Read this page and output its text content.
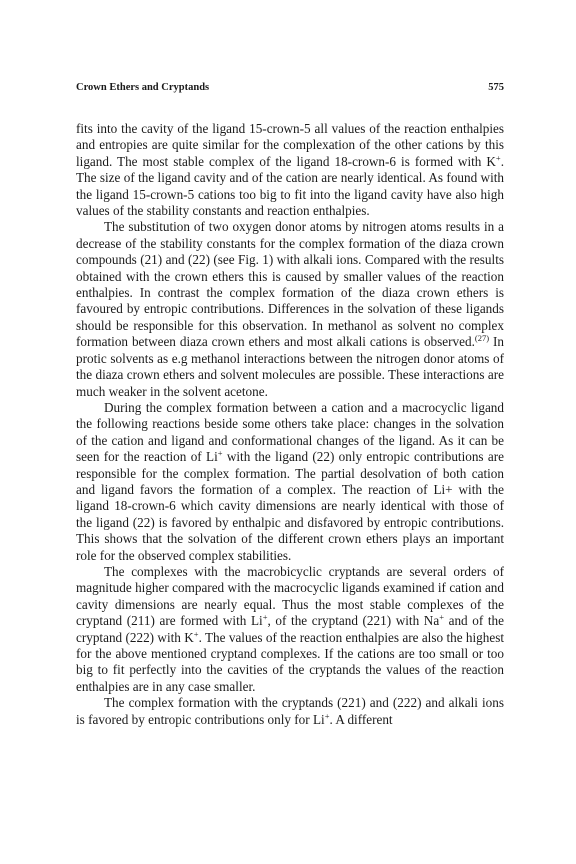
Crown Ethers and Cryptands	575

fits into the cavity of the ligand 15-crown-5 all values of the reaction enthalpies and entropies are quite similar for the complexation of the other cations by this ligand. The most stable complex of the ligand 18-crown-6 is formed with K+. The size of the ligand cavity and of the cation are nearly identical. As found with the ligand 15-crown-5 cations too big to fit into the ligand cavity have also high values of the stability constants and reaction enthalpies.

The substitution of two oxygen donor atoms by nitrogen atoms results in a decrease of the stability constants for the complex formation of the diaza crown compounds (21) and (22) (see Fig. 1) with alkali ions. Compared with the results obtained with the crown ethers this is caused by smaller values of the reaction enthalpies. In contrast the complex formation of the diaza crown ethers is favoured by entropic contributions. Differences in the solvation of these ligands should be responsible for this observation. In methanol as solvent no complex formation between diaza crown ethers and most alkali cations is observed.$^{(27)}$ In protic solvents as e.g methanol interactions between the nitrogen donor atoms of the diaza crown ethers and solvent molecules are possible. These interactions are much weaker in the solvent acetone.

During the complex formation between a cation and a macrocyclic ligand the following reactions beside some others take place: changes in the solvation of the cation and ligand and conformational changes of the ligand. As it can be seen for the reaction of Li+ with the ligand (22) only entropic contributions are responsible for the complex formation. The partial desolvation of both cation and ligand favors the formation of a complex. The reaction of Li+ with the ligand 18-crown-6 which cavity dimensions are nearly identical with those of the ligand (22) is favored by enthalpic and disfavored by entropic contributions. This shows that the solvation of the different crown ethers plays an important role for the observed complex stabilities.

The complexes with the macrobicyclic cryptands are several orders of magnitude higher compared with the macrocyclic ligands examined if cation and cavity dimensions are nearly equal. Thus the most stable complexes of the cryptand (211) are formed with Li+, of the cryptand (221) with Na+ and of the cryptand (222) with K+. The values of the reaction enthalpies are also the highest for the above mentioned cryptand complexes. If the cations are too small or too big to fit perfectly into the cavities of the cryptands the values of the reaction enthalpies are in any case smaller.

The complex formation with the cryptands (221) and (222) and alkali ions is favored by entropic contributions only for Li+. A different
